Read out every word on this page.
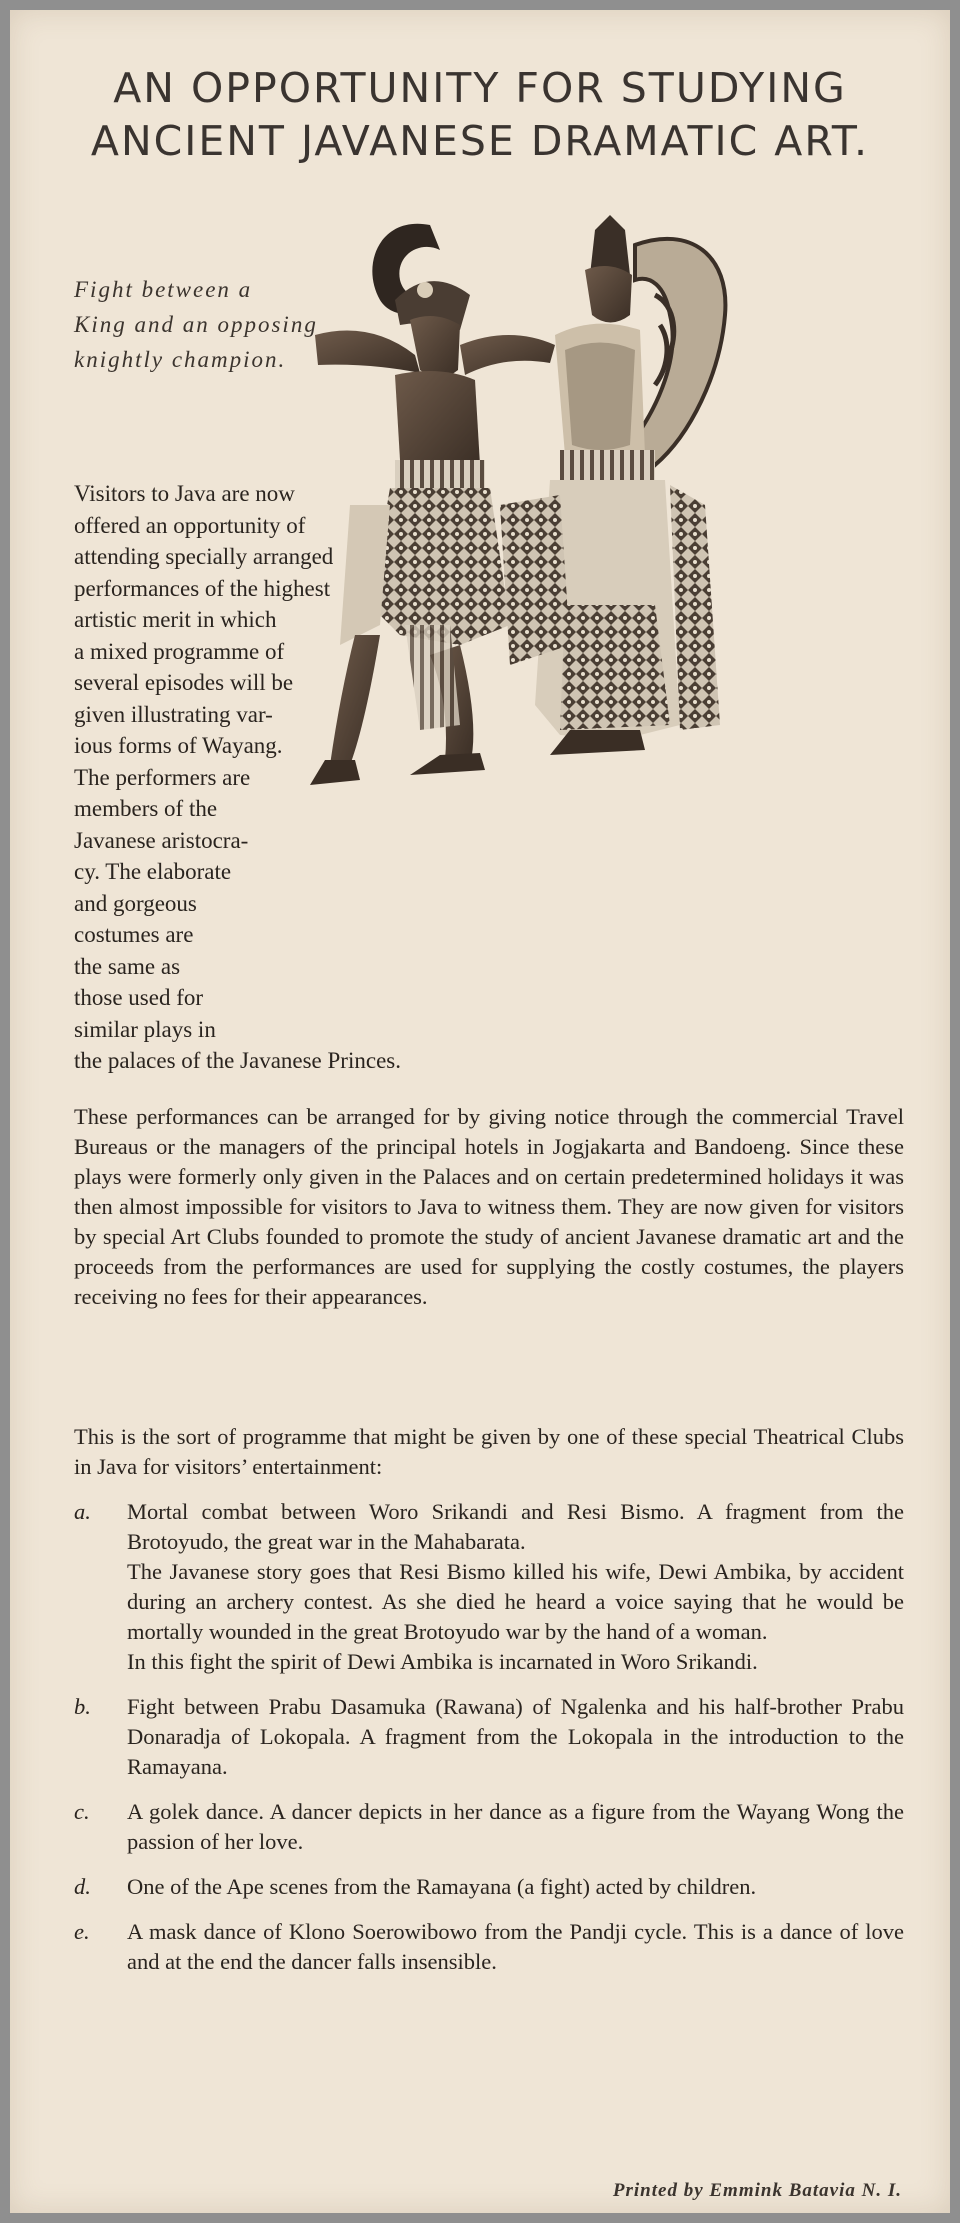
AN OPPORTUNITY FOR STUDYING
ANCIENT JAVANESE DRAMATIC ART.
Fight between a
King and an opposing
knightly champion.
Visitors to Java are now
offered an opportunity of
attending specially arranged
performances of the highest
artistic merit in which
a mixed programme of
several episodes will be
given illustrating var-
ious forms of Wayang.
The performers are
members of the
Javanese aristocra-
cy. The elaborate
and gorgeous
costumes are
the same as
those used for
similar plays in
the palaces of the Javanese Princes.

These performances can be arranged for by giving notice through the commercial Travel Bureaus or the managers of the principal hotels in Jogjakarta and Bandoeng. Since these plays were formerly only given in the Palaces and on certain predetermined holidays it was then almost impossible for visitors to Java to witness them. They are now given for visitors by special Art Clubs founded to promote the study of ancient Javanese dramatic art and the proceeds from the performances are used for supplying the costly costumes, the players receiving no fees for their appearances.

This is the sort of programme that might be given by one of these special Theatrical Clubs in Java for visitors’ entertainment:

a. Mortal combat between Woro Srikandi and Resi Bismo. A fragment from the Brotoyudo, the great war in the Mahabarata.

The Javanese story goes that Resi Bismo killed his wife, Dewi Ambika, by accident during an archery contest. As she died he heard a voice saying that he would be mortally wounded in the great Brotoyudo war by the hand of a woman.

In this fight the spirit of Dewi Ambika is incarnated in Woro Srikandi.

b. Fight between Prabu Dasamuka (Rawana) of Ngalenka and his half-brother Prabu Donaradja of Lokopala. A fragment from the Lokopala in the introduction to the Ramayana.

c. A golek dance. A dancer depicts in her dance as a figure from the Wayang Wong the passion of her love.

d. One of the Ape scenes from the Ramayana (a fight) acted by children.

e. A mask dance of Klono Soerowibowo from the Pandji cycle. This is a dance of love and at the end the dancer falls insensible.

Printed by Emmink Batavia N. I.
